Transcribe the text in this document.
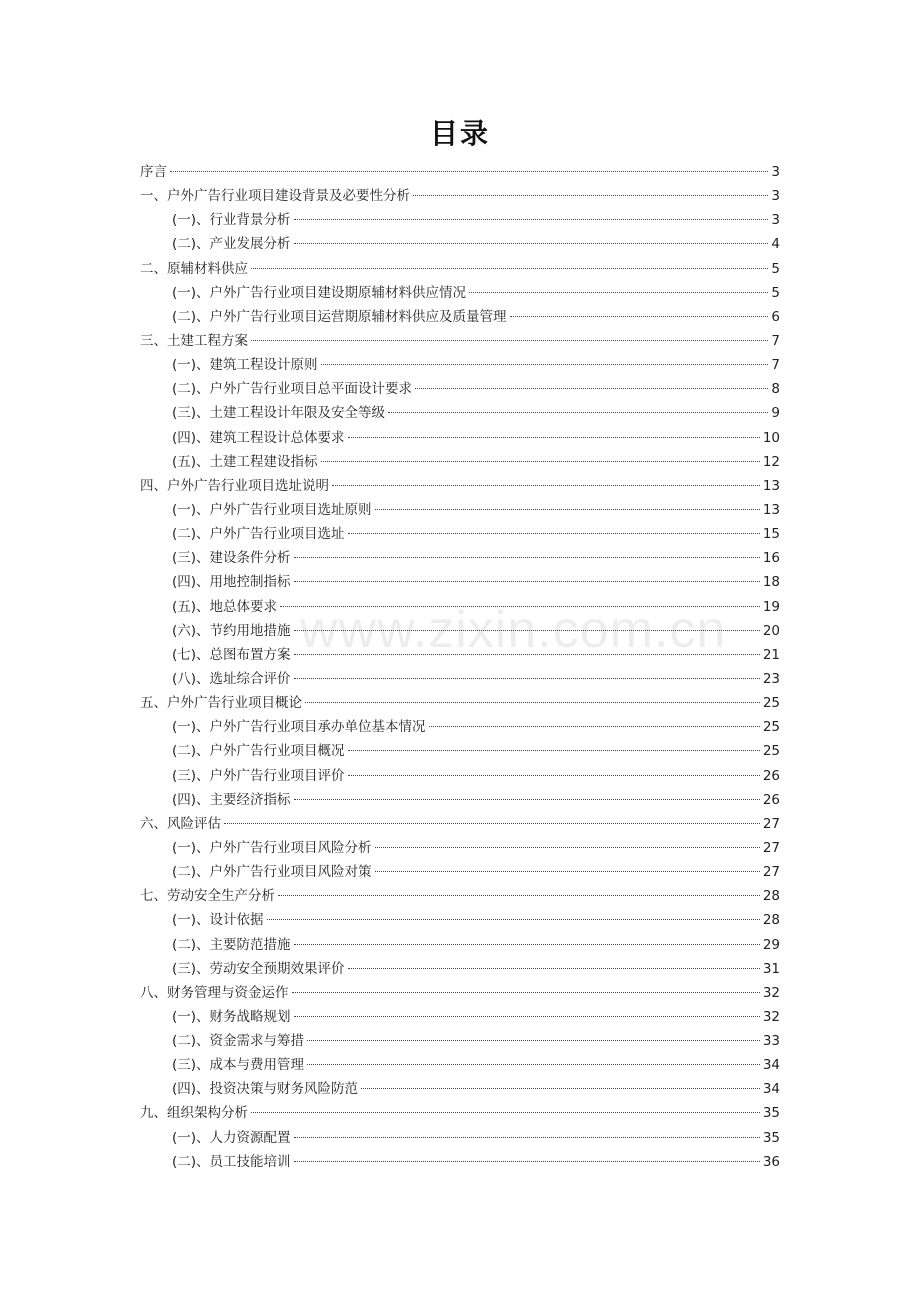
目录
序言	3
一、户外广告行业项目建设背景及必要性分析	3
(一)、行业背景分析	3
(二)、产业发展分析	4
二、原辅材料供应	5
(一)、户外广告行业项目建设期原辅材料供应情况	5
(二)、户外广告行业项目运营期原辅材料供应及质量管理	6
三、土建工程方案	7
(一)、建筑工程设计原则	7
(二)、户外广告行业项目总平面设计要求	8
(三)、土建工程设计年限及安全等级	9
(四)、建筑工程设计总体要求	10
(五)、土建工程建设指标	12
四、户外广告行业项目选址说明	13
(一)、户外广告行业项目选址原则	13
(二)、户外广告行业项目选址	15
(三)、建设条件分析	16
(四)、用地控制指标	18
(五)、地总体要求	19
(六)、节约用地措施	20
(七)、总图布置方案	21
(八)、选址综合评价	23
五、户外广告行业项目概论	25
(一)、户外广告行业项目承办单位基本情况	25
(二)、户外广告行业项目概况	25
(三)、户外广告行业项目评价	26
(四)、主要经济指标	26
六、风险评估	27
(一)、户外广告行业项目风险分析	27
(二)、户外广告行业项目风险对策	27
七、劳动安全生产分析	28
(一)、设计依据	28
(二)、主要防范措施	29
(三)、劳动安全预期效果评价	31
八、财务管理与资金运作	32
(一)、财务战略规划	32
(二)、资金需求与筹措	33
(三)、成本与费用管理	34
(四)、投资决策与财务风险防范	34
九、组织架构分析	35
(一)、人力资源配置	35
(二)、员工技能培训	36
www.zixin.com.cn
